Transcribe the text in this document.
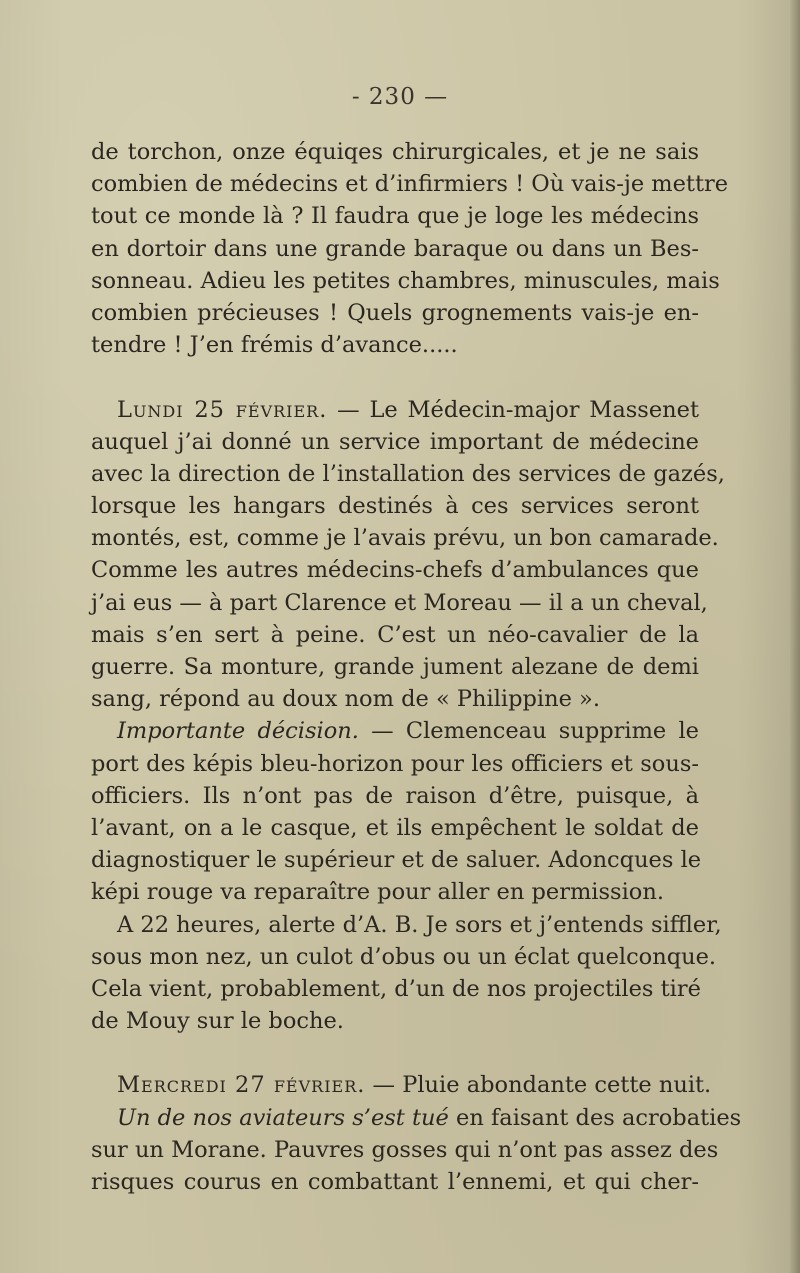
- 230 —
de torchon, onze équiqes chirurgicales, et je ne sais
combien de médecins et d’infirmiers ! Où vais-je mettre
tout ce monde là ? Il faudra que je loge les médecins
en dortoir dans une grande baraque ou dans un Bes-
sonneau. Adieu les petites chambres, minuscules, mais
combien précieuses ! Quels grognements vais-je en-
tendre ! J’en frémis d’avance.....
Lundi 25 février. — Le Médecin-major Massenet
auquel j’ai donné un service important de médecine
avec la direction de l’installation des services de gazés,
lorsque les hangars destinés à ces services seront
montés, est, comme je l’avais prévu, un bon camarade.
Comme les autres médecins-chefs d’ambulances que
j’ai eus — à part Clarence et Moreau — il a un cheval,
mais s’en sert à peine. C’est un néo-cavalier de la
guerre. Sa monture, grande jument alezane de demi
sang, répond au doux nom de « Philippine ».
Importante décision. — Clemenceau supprime le
port des képis bleu-horizon pour les officiers et sous-
officiers. Ils n’ont pas de raison d’être, puisque, à
l’avant, on a le casque, et ils empêchent le soldat de
diagnostiquer le supérieur et de saluer. Adoncques le
képi rouge va reparaître pour aller en permission.
A 22 heures, alerte d’A. B. Je sors et j’entends siffler,
sous mon nez, un culot d’obus ou un éclat quelconque.
Cela vient, probablement, d’un de nos projectiles tiré
de Mouy sur le boche.
Mercredi 27 février. — Pluie abondante cette nuit.
Un de nos aviateurs s’est tué en faisant des acrobaties
sur un Morane. Pauvres gosses qui n’ont pas assez des
risques courus en combattant l’ennemi, et qui cher-
